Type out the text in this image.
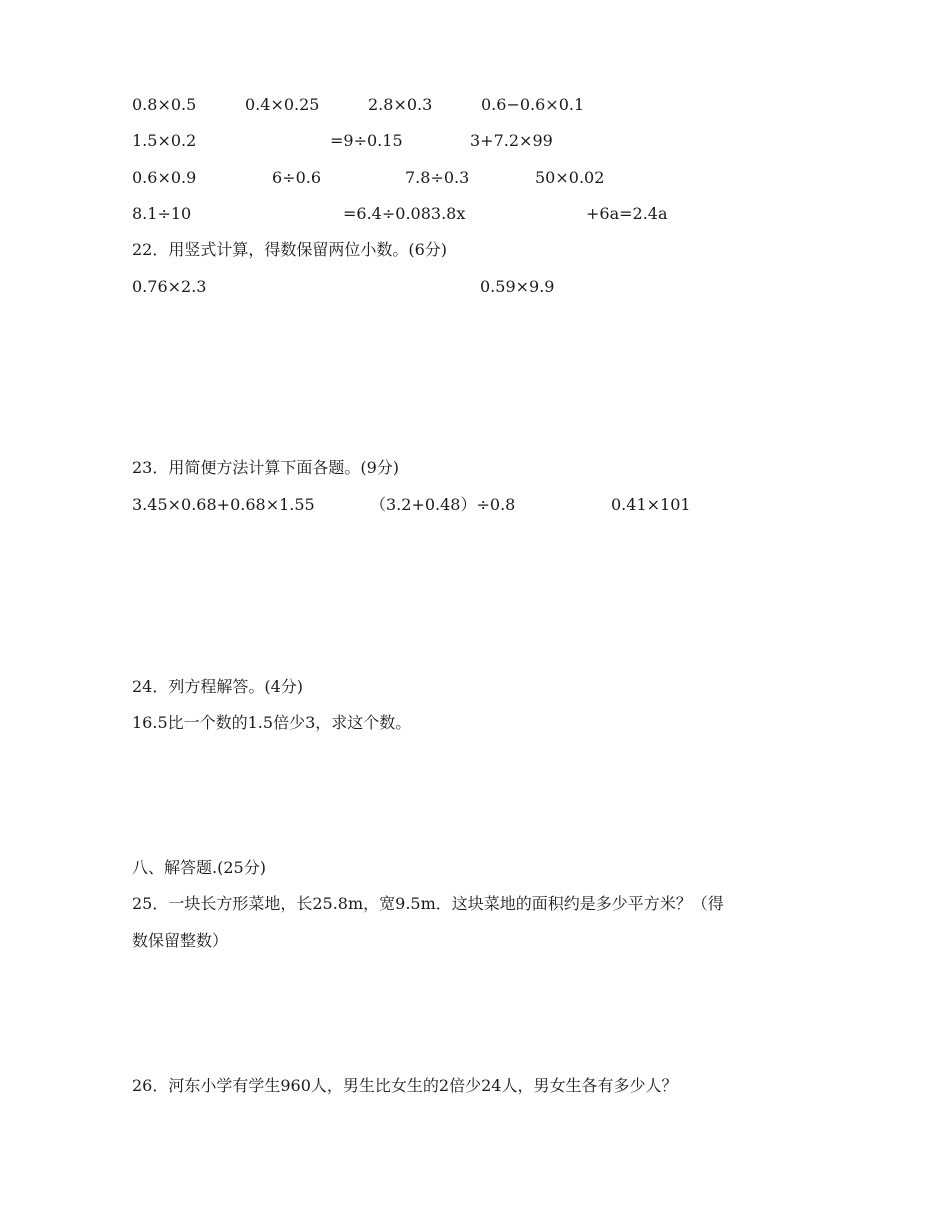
0.8×0.5	0.4×0.25	2.8×0.3	0.6−0.6×0.1
1.5×0.2	=9÷0.15	3+7.2×99
0.6×0.9	6÷0.6	7.8÷0.3	50×0.02
8.1÷10	=6.4÷0.083.8x	+6a=2.4a
22．用竖式计算，得数保留两位小数。(6分)
0.76×2.3	0.59×9.9
23．用简便方法计算下面各题。(9分)
3.45×0.68+0.68×1.55	（3.2+0.48）÷0.8	0.41×101
24．列方程解答。(4分)
16.5比一个数的1.5倍少3，求这个数。
八、解答题.(25分)
25．一块长方形菜地，长25.8m，宽9.5m．这块菜地的面积约是多少平方米？（得
数保留整数）
26．河东小学有学生960人，男生比女生的2倍少24人，男女生各有多少人？
